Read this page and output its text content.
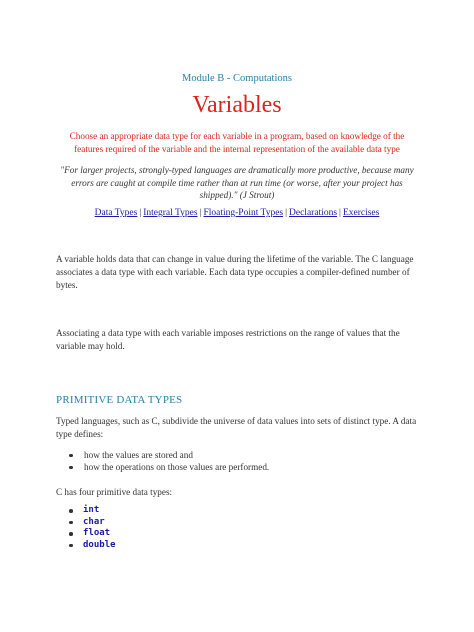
Module B - Computations
Variables
Choose an appropriate data type for each variable in a program, based on knowledge of the features required of the variable and the internal representation of the available data type
"For larger projects, strongly-typed languages are dramatically more productive, because many errors are caught at compile time rather than at run time (or worse, after your project has shipped)." (J Strout)
Data Types | Integral Types | Floating-Point Types | Declarations | Exercises
A variable holds data that can change in value during the lifetime of the variable. The C language associates a data type with each variable. Each data type occupies a compiler-defined number of bytes.
Associating a data type with each variable imposes restrictions on the range of values that the variable may hold.
PRIMITIVE DATA TYPES
Typed languages, such as C, subdivide the universe of data values into sets of distinct type. A data type defines:
how the values are stored and
how the operations on those values are performed.
C has four primitive data types:
int
char
float
double
